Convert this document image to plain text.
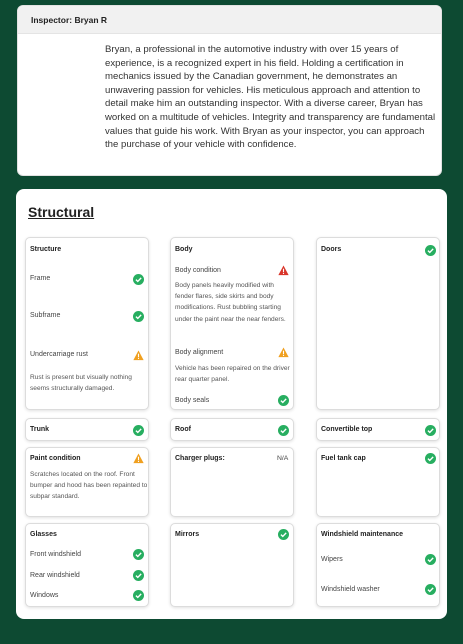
Inspector: Bryan R
Bryan, a professional in the automotive industry with over 15 years of experience, is a recognized expert in his field. Holding a certification in mechanics issued by the Canadian government, he demonstrates an unwavering passion for vehicles. His meticulous approach and attention to detail make him an outstanding inspector. With a diverse career, Bryan has worked on a multitude of vehicles. Integrity and transparency are fundamental values that guide his work. With Bryan as your inspector, you can approach the purchase of your vehicle with confidence.
Structural
Structure
Frame
Subframe
Undercarriage rust
Rust is present but visually nothing seems structurally damaged.
Body
Body condition
Body panels heavily modified with fender flares, side skirts and body modifications. Rust bubbling starting under the paint near the near fenders.
Body alignment
Vehicle has been repaired on the driver rear quarter panel.
Body seals
Doors
Trunk	Roof	Convertible top
Paint condition
Scratches located on the roof. Front bumper and hood has been repainted to subpar standard.
Charger plugs:	N/A	Fuel tank cap
Glasses
Front windshield
Rear windshield
Windows
Mirrors	Windshield maintenance
Wipers
Windshield washer
